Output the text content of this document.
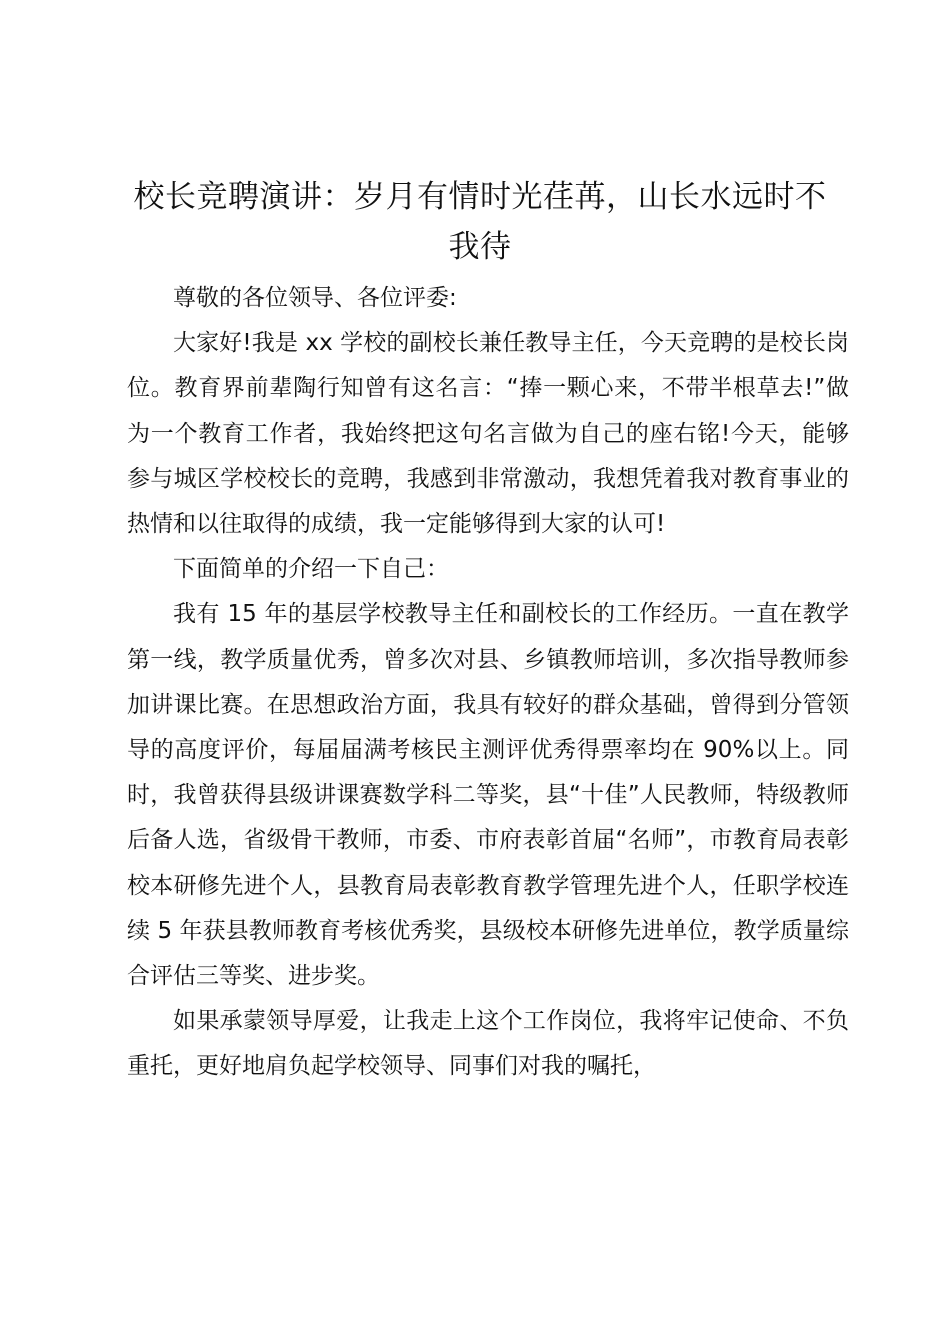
校长竞聘演讲：岁月有情时光荏苒，山长水远时不我待

尊敬的各位领导、各位评委:

大家好!我是 xx 学校的副校长兼任教导主任，今天竞聘的是校长岗位。教育界前辈陶行知曾有这名言：“捧一颗心来，不带半根草去!”做为一个教育工作者，我始终把这句名言做为自己的座右铭!今天，能够参与城区学校校长的竞聘，我感到非常激动，我想凭着我对教育事业的热情和以往取得的成绩，我一定能够得到大家的认可!

下面简单的介绍一下自己：

我有 15 年的基层学校教导主任和副校长的工作经历。一直在教学第一线，教学质量优秀，曾多次对县、乡镇教师培训，多次指导教师参加讲课比赛。在思想政治方面，我具有较好的群众基础，曾得到分管领导的高度评价，每届届满考核民主测评优秀得票率均在 90%以上。同时，我曾获得县级讲课赛数学科二等奖，县“十佳”人民教师，特级教师后备人选，省级骨干教师，市委、市府表彰首届“名师”，市教育局表彰校本研修先进个人，县教育局表彰教育教学管理先进个人，任职学校连续 5 年获县教师教育考核优秀奖，县级校本研修先进单位，教学质量综合评估三等奖、进步奖。

如果承蒙领导厚爱，让我走上这个工作岗位，我将牢记使命、不负重托，更好地肩负起学校领导、同事们对我的嘱托，
